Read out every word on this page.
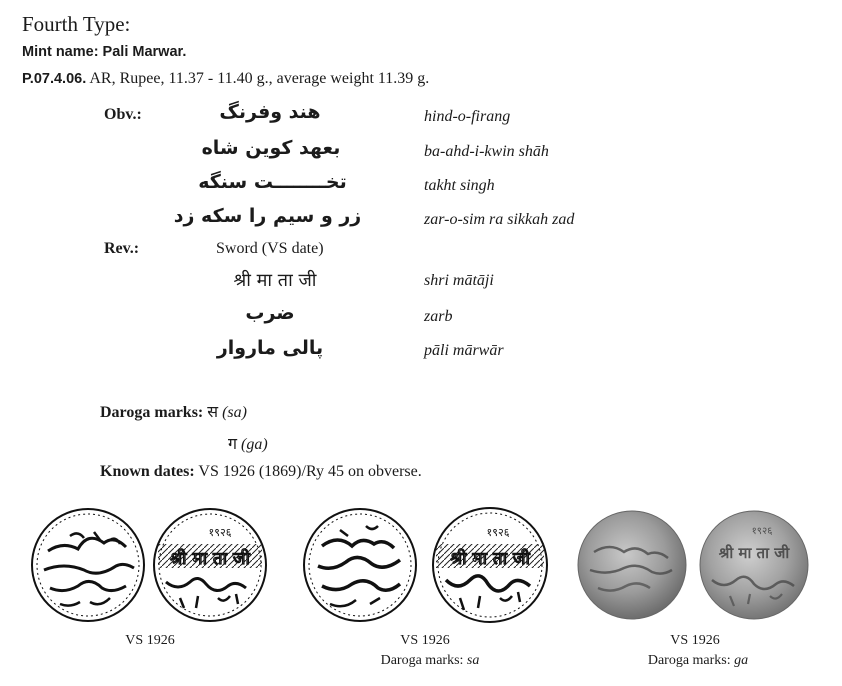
Fourth Type:
Mint name: Pali Marwar.
P.07.4.06. AR, Rupee, 11.37 - 11.40 g., average weight 11.39 g.
Obv.:	هند وفرنگ	hind-o-firang
بعهد كوين شاه	ba-ahd-i-kwin shāh
تخــــــــت سنگه	takht singh
زر و سيم را سكه زد	zar-o-sim ra sikkah zad
Rev.:	Sword (VS date)
श्री मा ता जी	shri mātāji
ضرب	zarb
پالى ماروار	pāli mārwār
Daroga marks: स (sa)
ग (ga)
Known dates: VS 1926 (1869)/Ry 45 on obverse.
श्री मा ता जी
१९२६
VS 1926
श्री मा ता जी
१९२६
VS 1926
Daroga marks: sa
श्री मा ता जी
१९२६
VS 1926
Daroga marks: ga
